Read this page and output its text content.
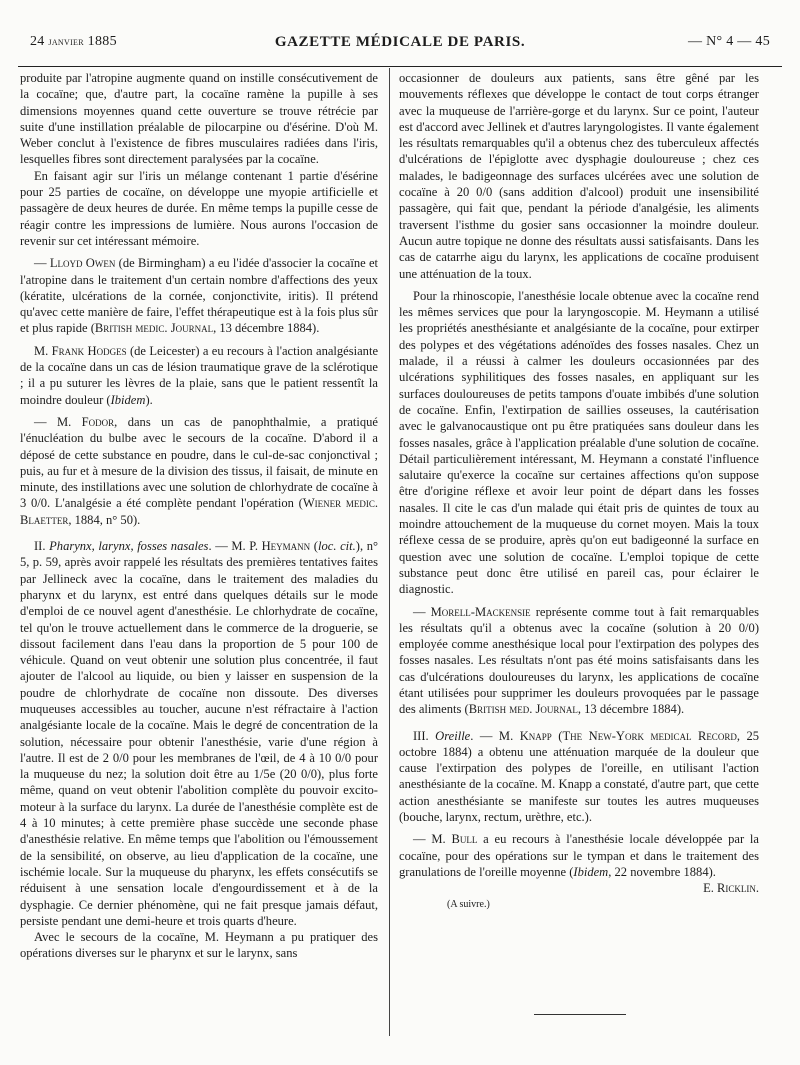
24 janvier 1885	GAZETTE MÉDICALE DE PARIS.	— N° 4 — 45

produite par l'atropine augmente quand on instille consécutivement de la cocaïne; que, d'autre part, la cocaïne ramène la pupille à ses dimensions moyennes quand cette ouverture se trouve rétrécie par suite d'une instillation préalable de pilocarpine ou d'ésérine. D'où M. Weber conclut à l'existence de fibres musculaires radiées dans l'iris, lesquelles fibres sont directement paralysées par la cocaïne.

En faisant agir sur l'iris un mélange contenant 1 partie d'ésérine pour 25 parties de cocaïne, on développe une myopie artificielle et passagère de deux heures de durée. En même temps la pupille cesse de réagir contre les impressions de lumière. Nous aurons l'occasion de revenir sur cet intéressant mémoire.

— Lloyd Owen (de Birmingham) a eu l'idée d'associer la cocaïne et l'atropine dans le traitement d'un certain nombre d'affections des yeux (kératite, ulcérations de la cornée, conjonctivite, iritis). Il prétend qu'avec cette manière de faire, l'effet thérapeutique est à la fois plus sûr et plus rapide (British medic. Journal, 13 décembre 1884).

M. Frank Hodges (de Leicester) a eu recours à l'action analgésiante de la cocaïne dans un cas de lésion traumatique grave de la sclérotique ; il a pu suturer les lèvres de la plaie, sans que le patient ressentît la moindre douleur (Ibidem).

— M. Fodor, dans un cas de panophthalmie, a pratiqué l'énucléation du bulbe avec le secours de la cocaïne. D'abord il a déposé de cette substance en poudre, dans le cul-de-sac conjonctival ; puis, au fur et à mesure de la division des tissus, il faisait, de minute en minute, des instillations avec une solution de chlorhydrate de cocaïne à 3 0/0. L'analgésie a été complète pendant l'opération (Wiener medic. Blaetter, 1884, n° 50).

II. Pharynx, larynx, fosses nasales. — M. P. Heymann (loc. cit.), n° 5, p. 59, après avoir rappelé les résultats des premières tentatives faites par Jellineck avec la cocaïne, dans le traitement des maladies du pharynx et du larynx, est entré dans quelques détails sur le mode d'emploi de ce nouvel agent d'anesthésie. Le chlorhydrate de cocaïne, tel qu'on le trouve actuellement dans le commerce de la droguerie, se dissout facilement dans l'eau dans la proportion de 5 pour 100 de véhicule. Quand on veut obtenir une solution plus concentrée, il faut ajouter de l'alcool au liquide, ou bien y laisser en suspension de la poudre de chlorhydrate de cocaïne non dissoute. Des diverses muqueuses accessibles au toucher, aucune n'est réfractaire à l'action analgésiante locale de la cocaïne. Mais le degré de concentration de la solution, nécessaire pour obtenir l'anesthésie, varie d'une région à l'autre. Il est de 2 0/0 pour les membranes de l'œil, de 4 à 10 0/0 pour la muqueuse du nez; la solution doit être au 1/5e (20 0/0), plus forte même, quand on veut obtenir l'abolition complète du pouvoir excito-moteur à la surface du larynx. La durée de l'anesthésie complète est de 4 à 10 minutes; à cette première phase succède une seconde phase d'anesthésie relative. En même temps que l'abolition ou l'émoussement de la sensibilité, on observe, au lieu d'application de la cocaïne, une ischémie locale. Sur la muqueuse du pharynx, les effets consécutifs se réduisent à une sensation locale d'engourdissement et à de la dysphagie. Ce dernier phénomène, qui ne fait presque jamais défaut, persiste pendant une demi-heure et trois quarts d'heure.

Avec le secours de la cocaïne, M. Heymann a pu pratiquer des opérations diverses sur le pharynx et sur le larynx, sans

occasionner de douleurs aux patients, sans être gêné par les mouvements réflexes que développe le contact de tout corps étranger avec la muqueuse de l'arrière-gorge et du larynx. Sur ce point, l'auteur est d'accord avec Jellinek et d'autres laryngologistes. Il vante également les résultats remarquables qu'il a obtenus chez des tuberculeux affectés d'ulcérations de l'épiglotte avec dysphagie douloureuse ; chez ces malades, le badigeonnage des surfaces ulcérées avec une solution de cocaïne à 20 0/0 (sans addition d'alcool) produit une insensibilité passagère, qui fait que, pendant la période d'analgésie, les aliments traversent l'isthme du gosier sans occasionner la moindre douleur. Aucun autre topique ne donne des résultats aussi satisfaisants. Dans les cas de catarrhe aigu du larynx, les applications de cocaïne produisent une atténuation de la toux.

Pour la rhinoscopie, l'anesthésie locale obtenue avec la cocaïne rend les mêmes services que pour la laryngoscopie. M. Heymann a utilisé les propriétés anesthésiante et analgésiante de la cocaïne, pour extirper des polypes et des végétations adénoïdes des fosses nasales. Chez un malade, il a réussi à calmer les douleurs occasionnées par des ulcérations syphilitiques des fosses nasales, en appliquant sur les surfaces douloureuses de petits tampons d'ouate imbibés d'une solution de cocaïne. Enfin, l'extirpation de saillies osseuses, la cautérisation avec le galvanocaustique ont pu être pratiquées sans douleur dans les fosses nasales, grâce à l'application préalable d'une solution de cocaïne. Détail particulièrement intéressant, M. Heymann a constaté l'influence salutaire qu'exerce la cocaïne sur certaines affections qu'on suppose être d'origine réflexe et avoir leur point de départ dans les fosses nasales. Il cite le cas d'un malade qui était pris de quintes de toux au moindre attouchement de la muqueuse du cornet moyen. Mais la toux réflexe cessa de se produire, après qu'on eut badigeonné la surface en question avec une solution de cocaïne. L'emploi topique de cette substance peut donc être utilisé en pareil cas, pour éclairer le diagnostic.

— Morell-Mackensie représente comme tout à fait remarquables les résultats qu'il a obtenus avec la cocaïne (solution à 20 0/0) employée comme anesthésique local pour l'extirpation des polypes des fosses nasales. Les résultats n'ont pas été moins satisfaisants dans les cas d'ulcérations douloureuses du larynx, les applications de cocaïne étant utilisées pour supprimer les douleurs provoquées par le passage des aliments (British med. Journal, 13 décembre 1884).

III. Oreille. — M. Knapp (The New-York medical Record, 25 octobre 1884) a obtenu une atténuation marquée de la douleur que cause l'extirpation des polypes de l'oreille, en utilisant l'action anesthésiante de la cocaïne. M. Knapp a constaté, d'autre part, que cette action anesthésiante se manifeste sur toutes les autres muqueuses (bouche, larynx, rectum, urèthre, etc.).

— M. Bull a eu recours à l'anesthésie locale développée par la cocaïne, pour des opérations sur le tympan et dans le traitement des granulations de l'oreille moyenne (Ibidem, 22 novembre 1884).

E. Ricklin.

(A suivre.)
